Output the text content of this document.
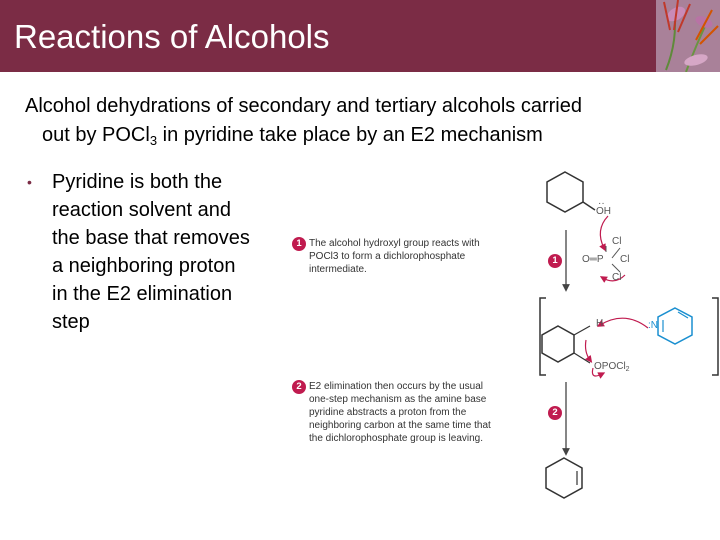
Reactions of Alcohols
Alcohol dehydrations of secondary and tertiary alcohols carried
out by POCl$_3$ in pyridine take place by an E2 mechanism
• Pyridine is both the
reaction solvent and
the base that removes
a neighboring proton
in the E2 elimination
step
1 The alcohol hydroxyl group reacts with
POCl3 to form a dichlorophosphate
intermediate.
1
2 E2 elimination then occurs by the usual
one-step mechanism as the amine base
pyridine abstracts a proton from the
neighboring carbon at the same time that
the dichlorophosphate group is leaving.
2
··
OH
Cl
O═P Cl
Cl
H	:N
OPOCl$_2$
